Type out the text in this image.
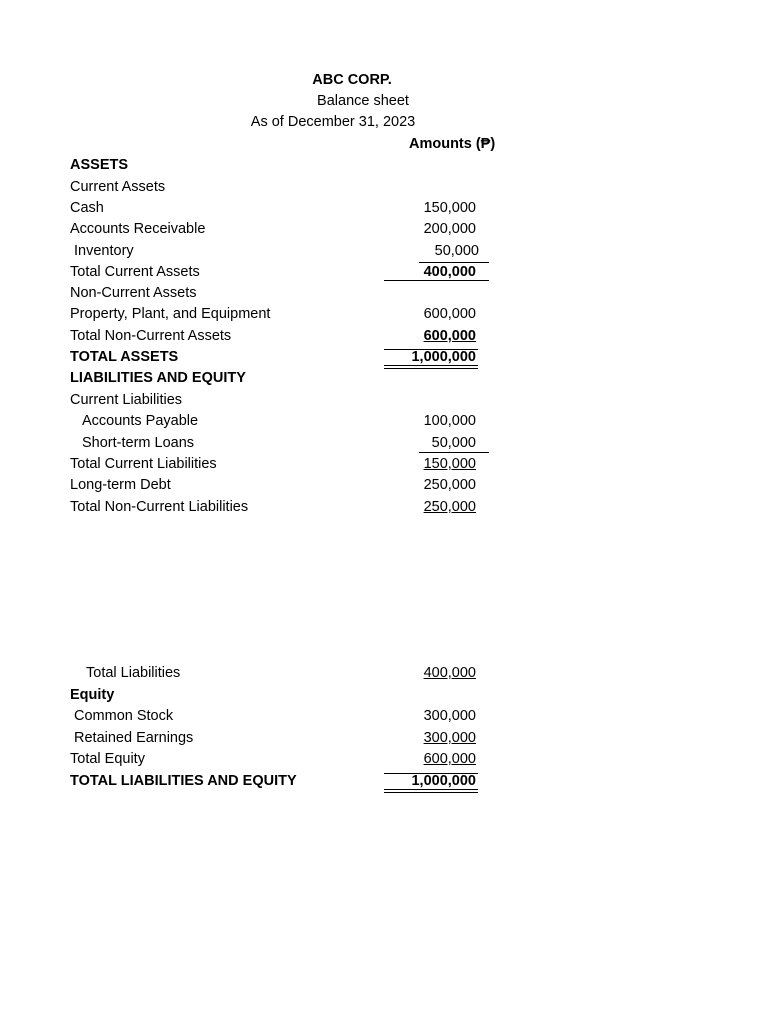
ABC CORP.
Balance sheet
As of December 31, 2023
Amounts (₱)
ASSETS
Current Assets
Cash	150,000
Accounts Receivable	200,000
Inventory	50,000
Total Current Assets	400,000
Non-Current Assets
Property, Plant, and Equipment	600,000
Total Non-Current Assets	600,000
TOTAL ASSETS	1,000,000
LIABILITIES AND EQUITY
Current Liabilities
Accounts Payable	100,000
Short-term Loans	50,000
Total Current Liabilities	150,000
Long-term Debt	250,000
Total Non-Current Liabilities	250,000
Total Liabilities	400,000
Equity
Common Stock	300,000
Retained Earnings	300,000
Total Equity	600,000
TOTAL LIABILITIES AND EQUITY	1,000,000
